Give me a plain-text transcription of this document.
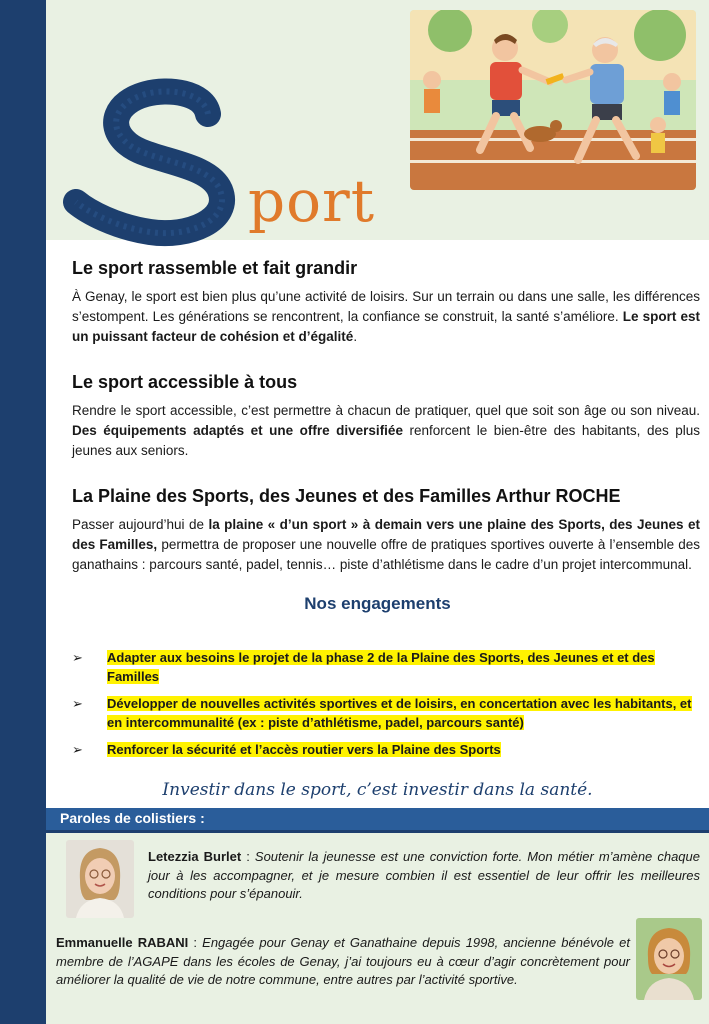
port
Le sport rassemble et fait grandir

À Genay, le sport est bien plus qu’une activité de loisirs. Sur un terrain ou dans une salle, les différences s’estompent. Les générations se rencontrent, la confiance se construit, la santé s’améliore. Le sport est un puissant facteur de cohésion et d’égalité.

Le sport accessible à tous

Rendre le sport accessible, c’est permettre à chacun de pratiquer, quel que soit son âge ou son niveau. Des équipements adaptés et une offre diversifiée renforcent le bien-être des habitants, des plus jeunes aux seniors.

La Plaine des Sports, des Jeunes et des Familles Arthur ROCHE

Passer aujourd’hui de la plaine « d’un sport » à demain vers une plaine des Sports, des Jeunes et des Familles, permettra de proposer une nouvelle offre de pratiques sportives ouverte à l’ensemble des ganathains : parcours santé, padel, tennis… piste d’athlétisme dans le cadre d’un projet intercommunal.

Nos engagements
➢ Adapter aux besoins le projet de la phase 2 de la Plaine des Sports, des Jeunes et et des Familles
➢ Développer de nouvelles activités sportives et de loisirs, en concertation avec les habitants, et en intercommunalité (ex : piste d’athlétisme, padel, parcours santé)
➢ Renforcer la sécurité et l’accès routier vers la Plaine des Sports
Investir dans le sport, c’est investir dans la santé.
Paroles de colistiers :
Letezzia Burlet : Soutenir la jeunesse est une conviction forte. Mon métier m’amène chaque jour à les accompagner, et je mesure combien il est essentiel de leur offrir les meilleures conditions pour s’épanouir.
Emmanuelle RABANI : Engagée pour Genay et Ganathaine depuis 1998, ancienne bénévole et membre de l’AGAPE dans les écoles de Genay, j’ai toujours eu à cœur d’agir concrètement pour améliorer la qualité de vie de notre commune, entre autres par l’activité sportive.
